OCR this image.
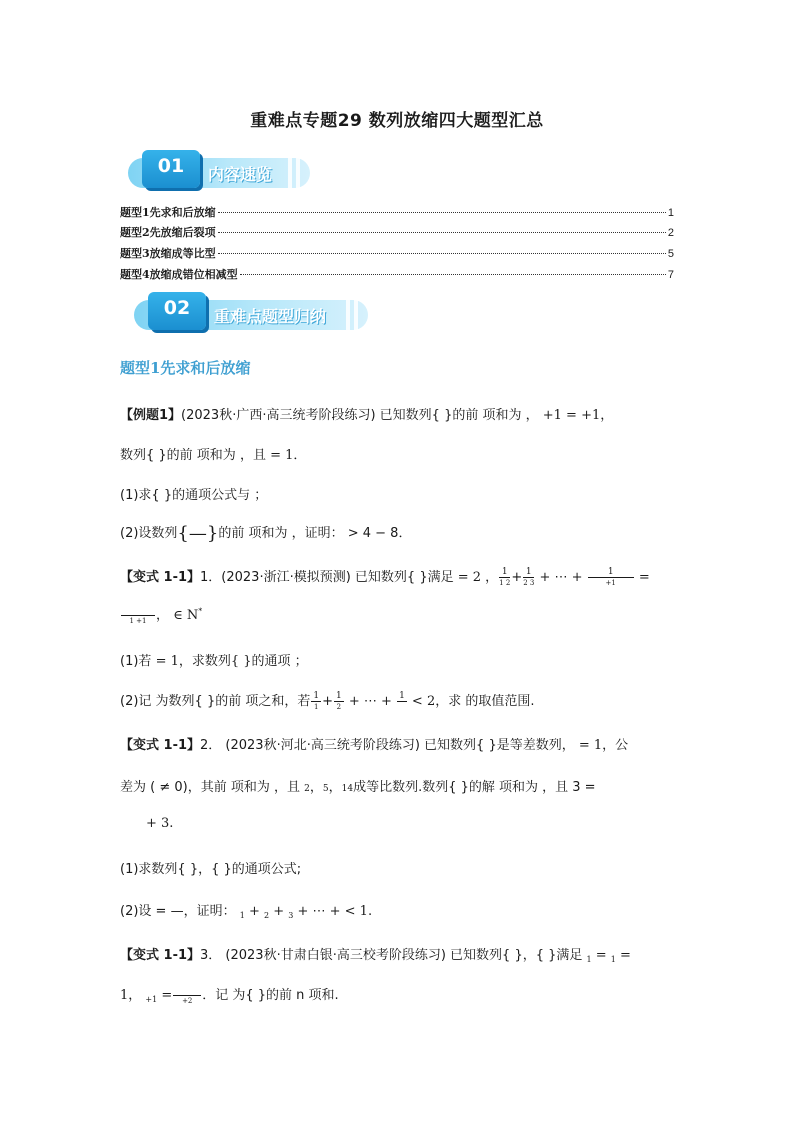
重难点专题29 数列放缩四大题型汇总
01	内容速览
题型1先求和后放缩	1
题型2先放缩后裂项	2
题型3放缩成等比型	5
题型4放缩成错位相减型	7
02	重难点题型归纳
题型1先求和后放缩
【例题1】(2023秋·广西·高三统考阶段练习) 已知数列{ }的前 项和为 ， +1 = +1，
数列{ }的前 项和为 ，且 = 1．
(1)求{ }的通项公式与 ；
(2)设数列{—}的前 项和为 ，证明： > 4 − 8．
【变式 1-1】1．(2023·浙江·模拟预测) 已知数列{ }满足 = 2 ， $\frac{1}{1 2} + \frac{1}{2 3}$ + ⋯ + $\frac{1}{+1}$ =

1 +1 ， ∈ N*
(1)若 = 1，求数列{ }的通项 ；
(2)记 为数列{ }的前 项之和，若 $\frac{1}{1} + \frac{1}{2}$ + ⋯ + 1
< 2，求 的取值范围.
【变式 1-1】2． (2023秋·河北·高三统考阶段练习) 已知数列{ }是等差数列， = 1，公
差为 ( ≠ 0)，其前 项和为 ，且 2，5，14成等比数列.数列{ }的解 项和为 ，且 3 =
+ 3.
(1)求数列{ }，{ }的通项公式;
(2)设 = —，证明： $_1$ + $_2$ + $_3$ + ⋯ + < 1.
【变式 1-1】3． (2023秋·甘肃白银·高三校考阶段练习) 已知数列{ }，{ }满足 $_1$ = $_1$ =
1， $_{+1}$ =
	+2 ．记 为{ }的前 n 项和.
